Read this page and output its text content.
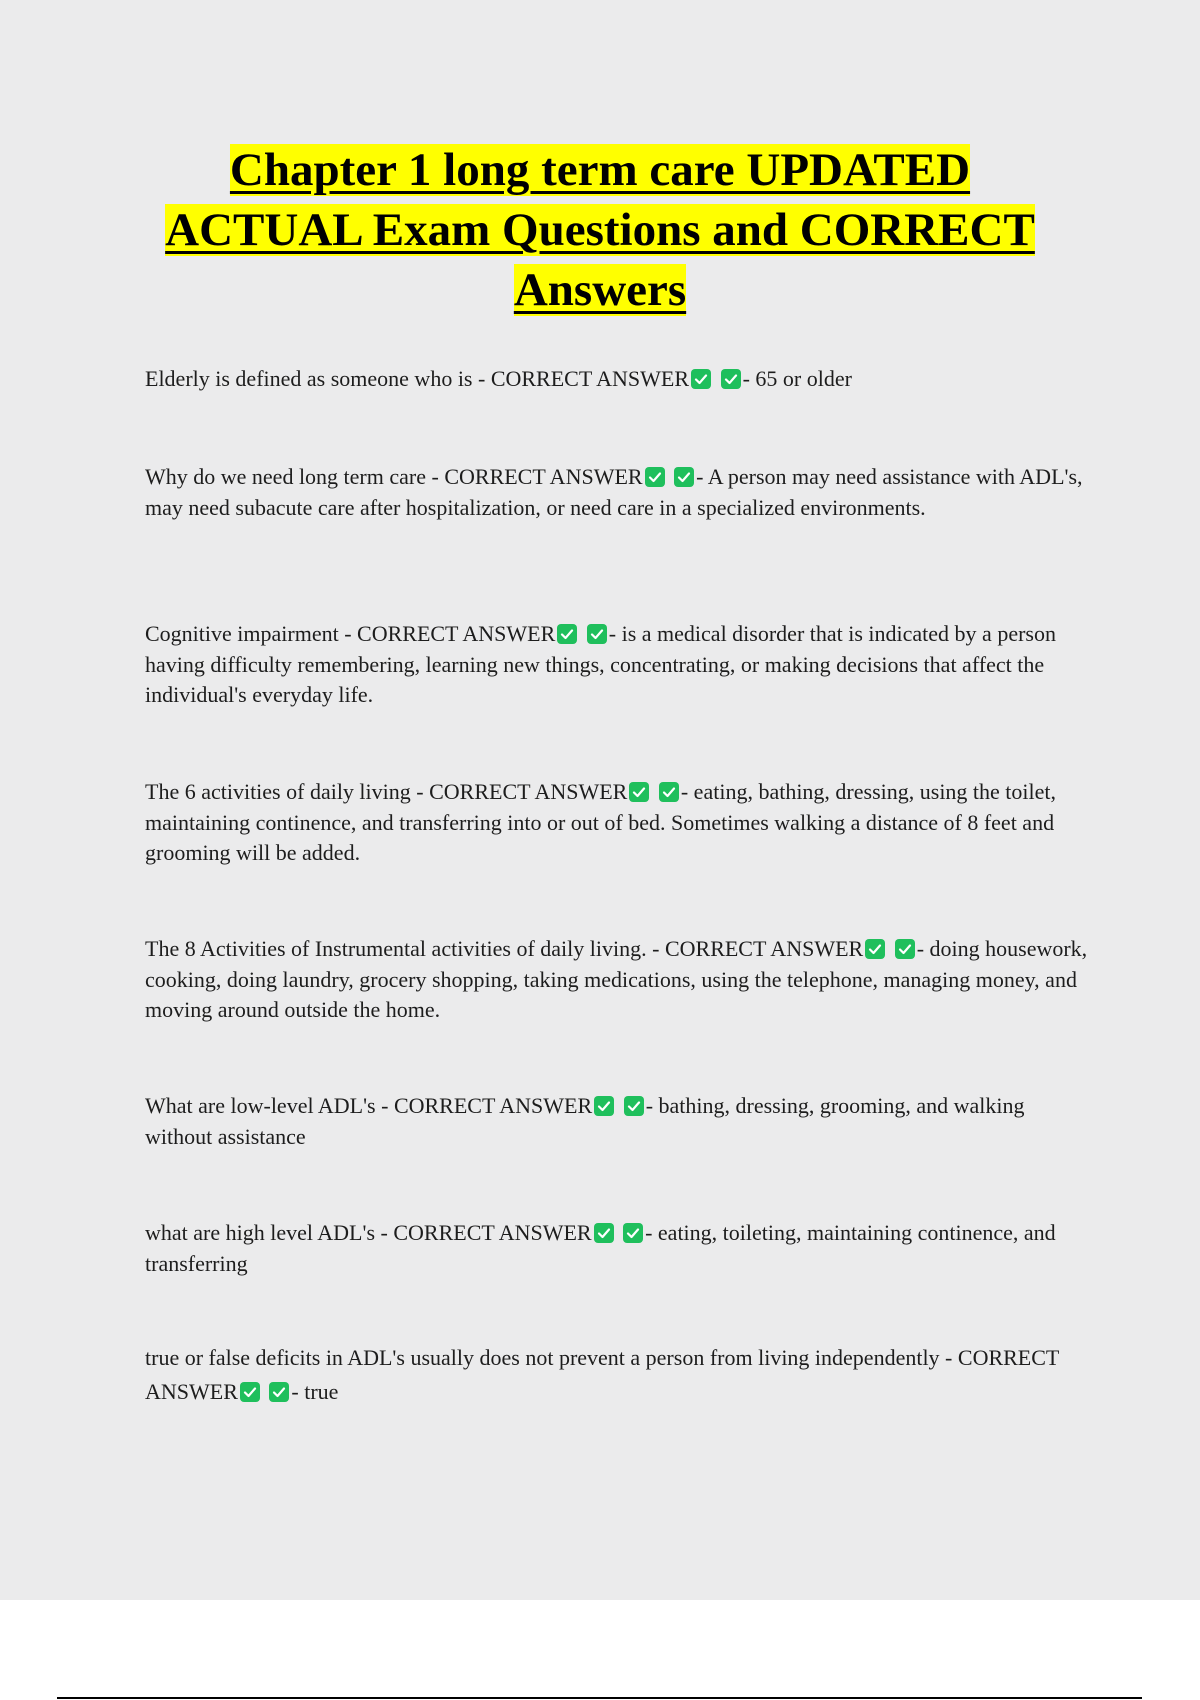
Chapter 1 long term care UPDATED
ACTUAL Exam Questions and CORRECT
Answers

Elderly is defined as someone who is - CORRECT ANSWER
- 65 or older

Why do we need long term care - CORRECT ANSWER
- A person may need assistance with ADL's, may need subacute care after hospitalization, or need care in a specialized environments.

Cognitive impairment - CORRECT ANSWER
- is a medical disorder that is indicated by a person having difficulty remembering, learning new things, concentrating, or making decisions that affect the individual's everyday life.

The 6 activities of daily living - CORRECT ANSWER
- eating, bathing, dressing, using the toilet, maintaining continence, and transferring into or out of bed. Sometimes walking a distance of 8 feet and grooming will be added.

The 8 Activities of Instrumental activities of daily living. - CORRECT ANSWER
- doing housework, cooking, doing laundry, grocery shopping, taking medications, using the telephone, managing money, and moving around outside the home.

What are low-level ADL's - CORRECT ANSWER
- bathing, dressing, grooming, and walking without assistance

what are high level ADL's - CORRECT ANSWER
- eating, toileting, maintaining continence, and transferring

true or false deficits in ADL's usually does not prevent a person from living independently - CORRECT ANSWER
- true
